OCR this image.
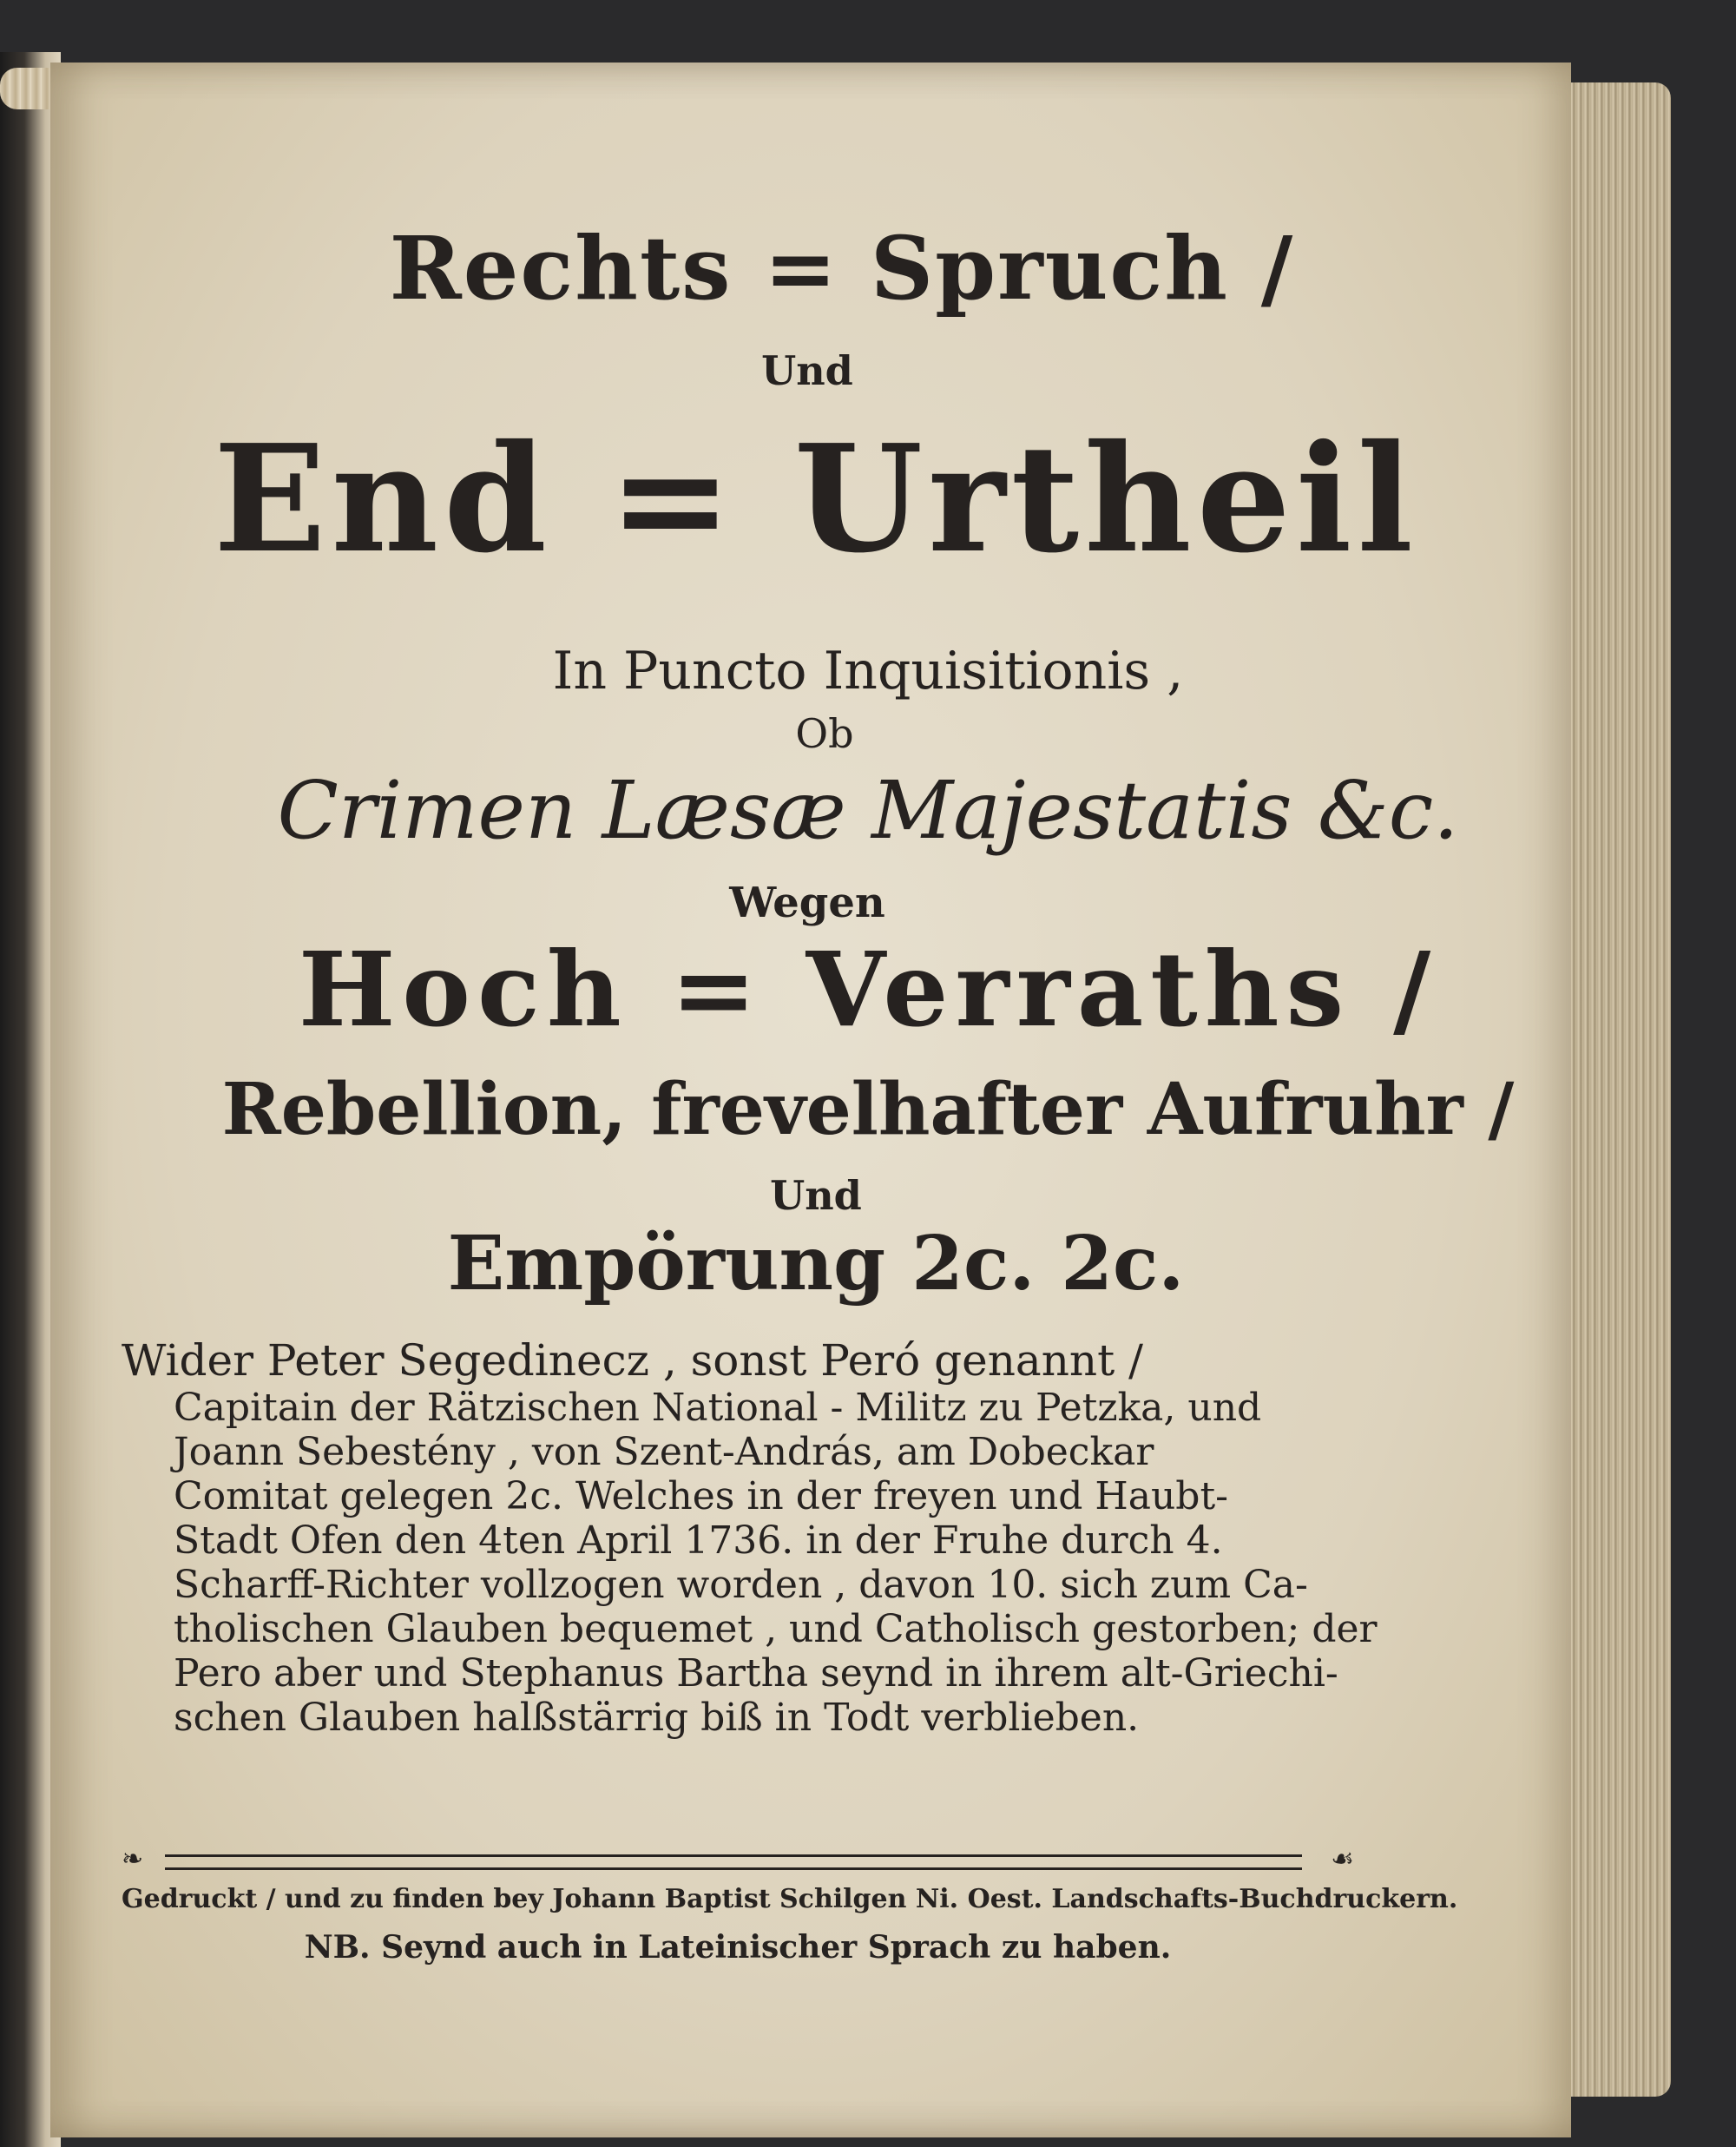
Rechts = Spruch /
Und
End = Urtheil
In Puncto Inquisitionis ,
Ob
Crimen Læsæ Majestatis &c.
Wegen
Hoch = Verraths /
Rebellion, frevelhafter Aufruhr /
Und
Empörung 2c. 2c.
Wider Peter Segedinecz , sonst Peró genannt /
Capitain der Rätzischen National - Militz zu Petzka, und
Joann Sebestény , von Szent-András, am Dobeckar
Comitat gelegen 2c. Welches in der freyen und Haubt-
Stadt Ofen den 4ten April 1736. in der Fruhe durch 4.
Scharff-Richter vollzogen worden , davon 10. sich zum Ca-
tholischen Glauben bequemet , und Catholisch gestorben; der
Pero aber und Stephanus Bartha seynd in ihrem alt-Griechi-
schen Glauben halßstärrig biß in Todt verblieben.
❧	☙
Gedruckt / und zu finden bey Johann Baptist Schilgen Ni. Oest. Landschafts-Buchdruckern.
NB. Seynd auch in Lateinischer Sprach zu haben.
